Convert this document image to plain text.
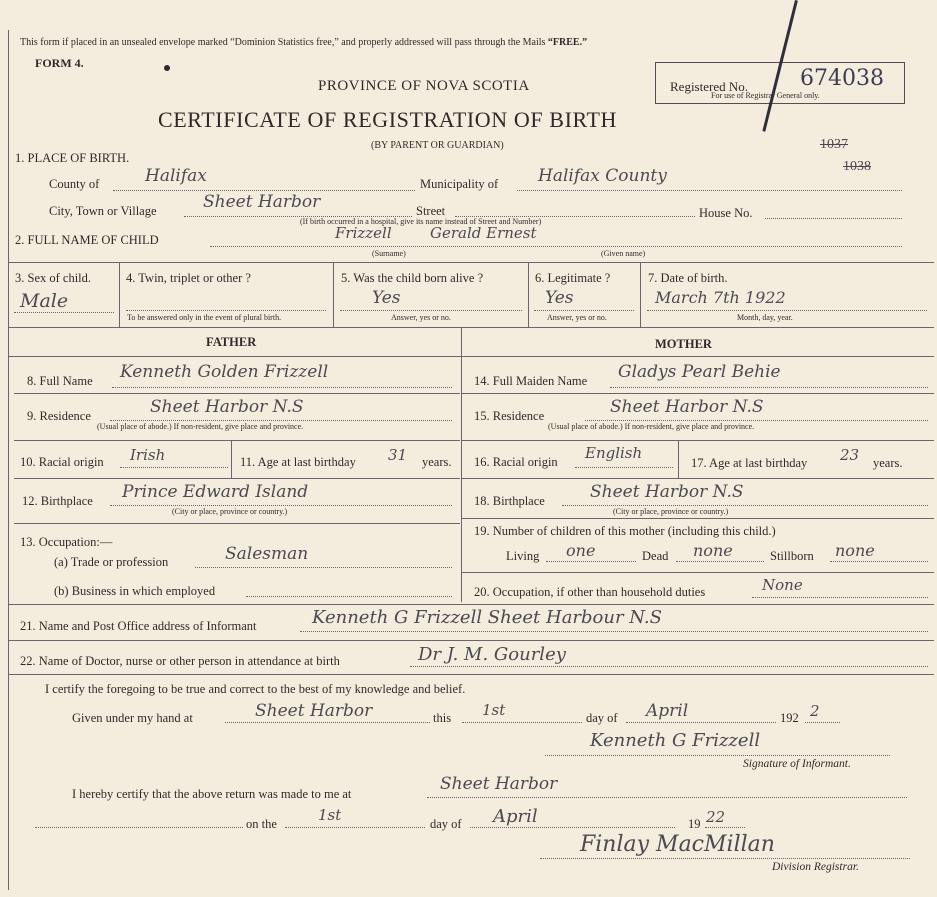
This form if placed in an unsealed envelope marked “Dominion Statistics free,” and properly addressed will pass through the Mails “FREE.”
FORM 4.
PROVINCE OF NOVA SCOTIA
CERTIFICATE OF REGISTRATION OF BIRTH
(BY PARENT OR GUARDIAN)
Registered No. 674038
For use of Registrar General only.
1037
1038
1. PLACE OF BIRTH.
County of	Halifax	Municipality of Halifax County
City, Town or Village	Sheet Harbor	Street	House No.
(If birth occurred in a hospital, give its name instead of Street and Number)
2. FULL NAME OF CHILD	Frizzell	Gerald Ernest
(Surname)	(Given name)
3. Sex of child.
Male
4. Twin, triplet or other ?
To be answered only in the event of plural birth.
5. Was the child born alive ?
Yes
Answer, yes or no.
6. Legitimate ?
Yes
Answer, yes or no.
7. Date of birth.
March 7th 1922
Month, day, year.
FATHER	MOTHER
8. Full Name Kenneth Golden Frizzell
9. Residence	Sheet Harbor N.S
(Usual place of abode.) If non-resident, give place and province.
10. Racial origin Irish	11. Age at last birthday 31 years.
12. Birthplace Prince Edward Island
(City or place, province or country.)
13. Occupation:—
(a) Trade or profession	Salesman
(b) Business in which employed
14. Full Maiden Name Gladys Pearl Behie
15. Residence	Sheet Harbor N.S
(Usual place of abode.) If non-resident, give place and province.
16. Racial origin English
17. Age at last birthday 23 years.
18. Birthplace	Sheet Harbor N.S
(City or place, province or country.)
19. Number of children of this mother (including this child.)
Living one	Dead none	Stillborn none
20. Occupation, if other than household duties	None
21. Name and Post Office address of Informant	Kenneth G Frizzell Sheet Harbour N.S
22. Name of Doctor, nurse or other person in attendance at birth	Dr J. M. Gourley
I certify the foregoing to be true and correct to the best of my knowledge and belief.
Given under my hand at	Sheet Harbor	this 1st	day of April	192 2
Kenneth G Frizzell
Signature of Informant.
I hereby certify that the above return was made to me at	Sheet Harbor
on the	1st	day of April	19 22
Finlay MacMillan
Division Registrar.
